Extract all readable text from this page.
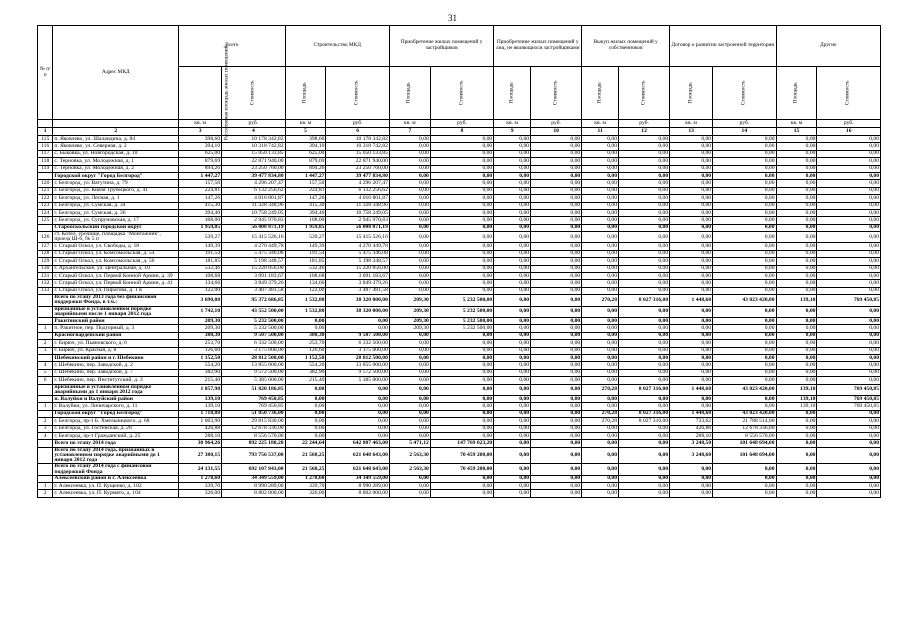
31
№ п/п	Адрес МКД	Всего		Строительство МКД		Приобретение жилых помещений у застройщиков		Приобретение жилых помещений у лиц, не являющихся застройщиками		Выкуп жилых помещений у собственников		Договор о развитии застроенной территории		Другие	
		Расселяемая площадь жилых помещений	Стоимость	Площадь	Стоимость	Площадь	Стоимость	Площадь	Стоимость	Площадь	Стоимость	Площадь	Стоимость	Площадь	Стоимость
		кв. м	руб.	кв. м	руб.	кв. м	руб.	кв. м	руб.	кв. м	руб.	кв. м	руб.	кв. м	руб.
1	2	3	4	5	6	7	8	9	10	11	12	13	14	15	16
115	п. Яковлево, ул. Шаландина, д. 84	398,60	10 178 342,82	398,60	10 178 342,82	0,00	0,00	0,00	0,00	0,00	0,00	0,00	0,00	0,00	0,00
116	п. Яковлево, ул. Северная, д. 2	394,10	10 318 742,82	394,10	10 318 742,82	0,00	0,00	0,00	0,00	0,00	0,00	0,00	0,00	0,00	0,00
117	с. Быковка, ул. Новгородская, д. 10	625,00	15 050 133,85	625,00	15 050 133,85	0,00	0,00	0,00	0,00	0,00	0,00	0,00	0,00	0,00	0,00
118	с. Терновка, ул. Молодежная, д. 1	879,69	22 871 940,00	879,69	22 871 940,00	0,00	0,00	0,00	0,00	0,00	0,00	0,00	0,00	0,00	0,00
119	с. Терновка, ул. Молодежная, д. 2	894,26	23 250 760,00	894,26	23 250 760,00	0,00	0,00	0,00	0,00	0,00	0,00	0,00	0,00	0,00	0,00
	Городской округ "Город Белгород"	1 447,27	39 477 834,80	1 447,27	39 477 834,80	0,00	0,00	0,00	0,00	0,00	0,00	0,00	0,00	0,00	0,00
120	г. Белгород, ул. Ватутина, д. 79	157,50	4 296 207,47	157,50	4 296 207,47	0,00	0,00	0,00	0,00	0,00	0,00	0,00	0,00	0,00	0,00
121	г. Белгород, ул. Князя Трубецкого, д. 41	224,81	6 132 256,62	224,81	6 132 256,62	0,00	0,00	0,00	0,00	0,00	0,00	0,00	0,00	0,00	0,00
122	г. Белгород, ул. Лесная, д. 1	147,26	4 016 801,87	147,26	4 016 801,87	0,00	0,00	0,00	0,00	0,00	0,00	0,00	0,00	0,00	0,00
123	г. Белгород, ул. Сумская, д. 34	415,30	11 328 348,96	415,30	11 328 348,96	0,00	0,00	0,00	0,00	0,00	0,00	0,00	0,00	0,00	0,00
124	г. Белгород, ул. Сумская, д. 36	394,40	10 758 249,05	394,40	10 758 249,05	0,00	0,00	0,00	0,00	0,00	0,00	0,00	0,00	0,00	0,00
125	г. Белгород, ул. Супруновская, д. 17	108,00	2 945 970,83	108,00	2 945 970,83	0,00	0,00	0,00	0,00	0,00	0,00	0,00	0,00	0,00	0,00
	Старооскольский городской округ	1 959,85	56 008 871,19	1 959,85	56 008 871,19	0,00	0,00	0,00	0,00	0,00	0,00	0,00	0,00	0,00	0,00
126	ст. Котел, урочище, площадка "Монтажник", проезд Ш-6, № 5 п	539,27	15 415 526,16	539,27	15 415 526,16	0,00	0,00	0,00	0,00	0,00	0,00	0,00	0,00	0,00	0,00
127	г. Старый Оскол, ул. Свободы, д. 18	149,39	4 270 449,78	149,39	4 270 449,78	0,00	0,00	0,00	0,00	0,00	0,00	0,00	0,00	0,00	0,00
128	г. Старый Оскол, ул. Комсомольская, д. 54	191,54	5 475 346,08	191,54	5 475 346,08	0,00	0,00	0,00	0,00	0,00	0,00	0,00	0,00	0,00	0,00
129	г. Старый Оскол, ул. Комсомольская, д. 56	181,85	5 198 348,57	181,85	5 198 348,57	0,00	0,00	0,00	0,00	0,00	0,00	0,00	0,00	0,00	0,00
130	г. Архангельское, ул. Центральная, д. 10	532,46	15 220 856,00	532,46	15 220 856,00	0,00	0,00	0,00	0,00	0,00	0,00	0,00	0,00	0,00	0,00
131	г. Старый Оскол, ул. Первой Конной Армии, д. 39	108,68	3 091 183,67	108,68	3 091 183,67	0,00	0,00	0,00	0,00	0,00	0,00	0,00	0,00	0,00	0,00
132	г. Старый Оскол, ул. Первой Конной Армии, д. 41	134,66	3 849 379,26	134,66	3 849 379,26	0,00	0,00	0,00	0,00	0,00	0,00	0,00	0,00	0,00	0,00
133	г. Старый Оскол, ул. Пирогова, д. 1 в	122,00	3 487 481,58	122,00	3 487 481,58	0,00	0,00	0,00	0,00	0,00	0,00	0,00	0,00	0,00	0,00
	Всего по этапу 2013 года без финансовой поддержки Фонда, в т.ч.:	3 690,08	95 372 686,85	1 532,80	38 320 000,00	209,30	5 232 500,00	0,00	0,00	270,28	8 027 316,00	1 448,60	43 023 420,00	139,10	769 450,85
	признанные в установленном порядке аварийными после 1 января 2012 года	1 742,10	43 552 500,00	1 532,80	38 320 000,00	209,30	5 232 500,00	0,00	0,00	0,00	0,00	0,00	0,00	0,00	0,00
	Ракитянский район	209,30	5 232 500,00	0,00	0,00	209,30	5 232 500,00	0,00	0,00	0,00	0,00	0,00	0,00	0,00	0,00
1	п. Ракитное, пер. Подгорный, д. 3	209,30	5 232 500,00	0,00	0,00	209,30	5 232 500,00	0,00	0,00	0,00	0,00	0,00	0,00	0,00	0,00
	Красногвардейский район	380,30	9 507 500,00	380,30	9 507 500,00	0,00	0,00	0,00	0,00	0,00	0,00	0,00	0,00	0,00	0,00
2	г. Бирюч, ул. Пьяновского, д. 6	253,70	6 332 500,00	253,70	6 332 500,00	0,00	0,00	0,00	0,00	0,00	0,00	0,00	0,00	0,00	0,00
3	г. Бирюч, ул. Красная, д. 8	126,60	3 175 000,00	126,60	3 175 000,00	0,00	0,00	0,00	0,00	0,00	0,00	0,00	0,00	0,00	0,00
	Шебекинский район и г. Шебекино	1 152,50	28 812 500,00	1 152,50	28 812 500,00	0,00	0,00	0,00	0,00	0,00	0,00	0,00	0,00	0,00	0,00
4	г. Шебекино, пер. Заводской, д. 2	554,20	13 855 000,00	554,20	13 855 000,00	0,00	0,00	0,00	0,00	0,00	0,00	0,00	0,00	0,00	0,00
5	г. Шебекино, пер. Заводской, д. 7	382,90	9 572 500,00	382,90	9 572 500,00	0,00	0,00	0,00	0,00	0,00	0,00	0,00	0,00	0,00	0,00
6	г. Шебекино, пер. Институтский, д. 3	215,40	5 385 000,00	215,40	5 385 000,00	0,00	0,00	0,00	0,00	0,00	0,00	0,00	0,00	0,00	0,00
	признанные в установленном порядке аварийными до 1 января 2012 года	1 857,98	51 820 186,85	0,00	0,00	0,00	0,00	0,00	0,00	270,28	8 027 316,00	1 448,60	43 023 420,00	139,10	769 450,85
	п. Валуйки и Валуйский район	139,10	769 450,85	0,00	0,00	0,00	0,00	0,00	0,00	0,00	0,00	0,00	0,00	139,10	769 450,85
1	г. Валуйки, ул. Личичарского, д. 11	139,10	769 450,85	0,00	0,00	0,00	0,00	0,00	0,00	0,00	0,00	0,00	0,00	139,10	769 450,85
	Городской округ "Город Белгород"	1 718,88	51 050 736,00	0,00	0,00	0,00	0,00	0,00	0,00	270,28	8 027 316,00	1 448,60	43 023 420,00	0,00	0,00
2	г. Белгород, пр-т Б. Хмельницкого, д. 68	1 003,90	29 815 830,00	0,00	0,00	0,00	0,00	0,00	0,00	270,28	8 027 316,00	733,62	21 788 514,00	0,00	0,00
3	г. Белгород, ул. Гостенская, д. 28	426,88	12 678 336,00	0,00	0,00	0,00	0,00	0,00	0,00	0,00	0,00	426,88	12 678 336,00	0,00	0,00
4	г. Белгород, пр-т Гражданский, д. 25	288,10	8 556 570,00	0,00	0,00	0,00	0,00	0,00	0,00	0,00	0,00	288,10	8 556 570,00	0,00	0,00
	Всего по этапу 2014 года	30 964,26	892 225 180,20	22 244,64	642 807 463,00	5 471,12	147 769 023,20	0,00	0,00	0,00	0,00	3 248,50	101 648 694,00	0,00	0,00
	Всего по этапу 2014 года, признанных в установленном порядке аварийными до 1 января 2012 года	27 380,15	793 756 537,00	21 568,25	621 648 643,00	2 563,30	70 459 200,00	0,00	0,00	0,00	0,00	3 248,60	101 648 694,00	0,00	0,00
	Всего по этапу 2014 года с финансовой поддержкой Фонда	24 131,55	692 107 843,00	21 568,25	621 648 643,00	2 563,30	70 459 200,00	0,00	0,00	0,00	0,00	0,00	0,00	0,00	0,00
	Алексеевский район и г. Алексеевка	1 278,60	34 349 559,00	1 278,60	34 349 559,00	0,00	0,00	0,00	0,00	0,00	0,00	0,00	0,00	0,00	0,00
1	г. Алексеевка, ул. П. Кущенко, д. 102	339,70	8 990 289,00	339,70	8 990 289,00	0,00	0,00	0,00	0,00	0,00	0,00	0,00	0,00	0,00	0,00
2	г. Алексеевка, ул. П. Курмято, д. 104	326,00	8 802 000,00	326,00	8 802 000,00	0,00	0,00	0,00	0,00	0,00	0,00	0,00	0,00	0,00	0,00
